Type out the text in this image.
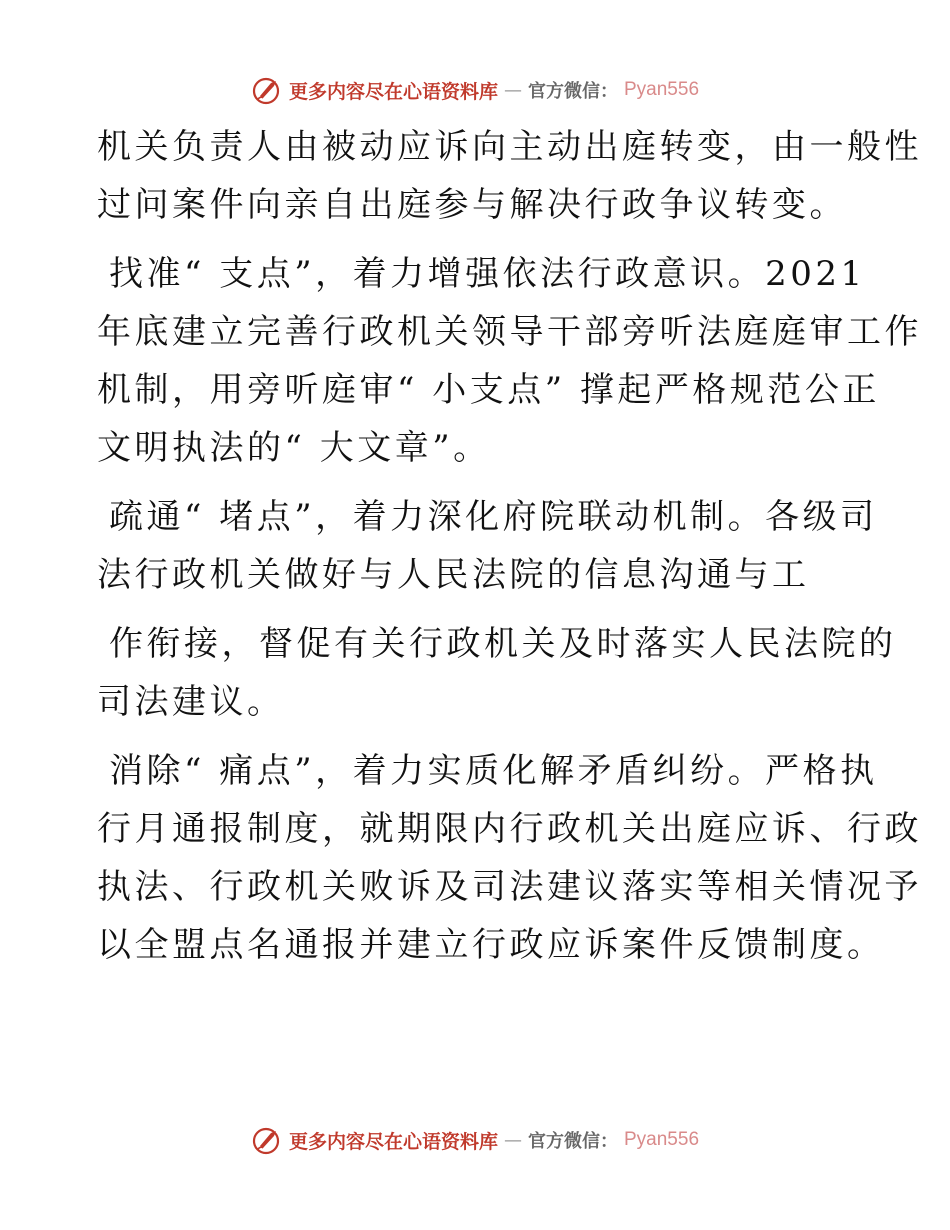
更多内容尽在心语资料库 — 官方微信： Pyan556
机关负责人由被动应诉向主动出庭转变，由一般性
过问案件向亲自出庭参与解决行政争议转变。
找准“ 支点”，着力增强依法行政意识。2021
年底建立完善行政机关领导干部旁听法庭庭审工作
机制，用旁听庭审“ 小支点” 撑起严格规范公正
文明执法的“ 大文章”。
疏通“ 堵点”，着力深化府院联动机制。各级司
法行政机关做好与人民法院的信息沟通与工
作衔接，督促有关行政机关及时落实人民法院的
司法建议。
消除“ 痛点”，着力实质化解矛盾纠纷。严格执
行月通报制度，就期限内行政机关出庭应诉、行政
执法、行政机关败诉及司法建议落实等相关情况予
以全盟点名通报并建立行政应诉案件反馈制度。
更多内容尽在心语资料库 — 官方微信： Pyan556
